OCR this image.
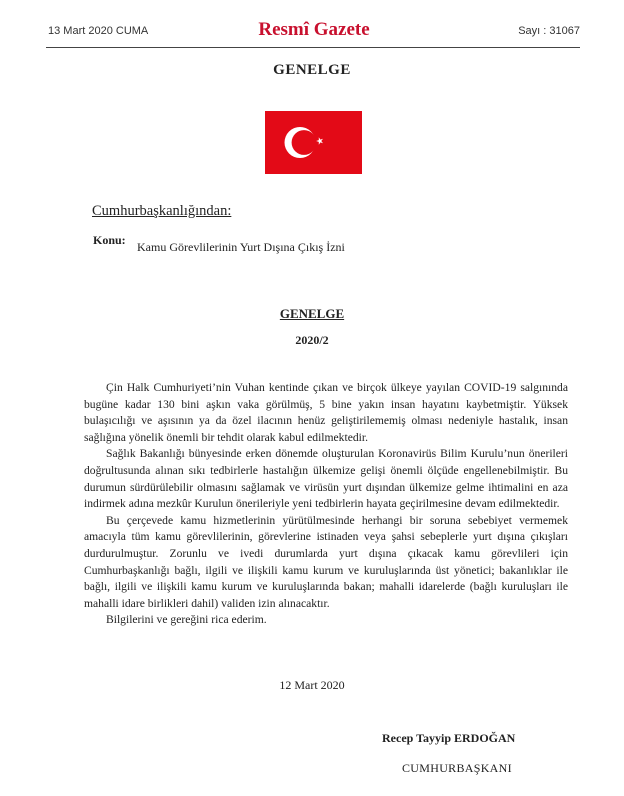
13 Mart 2020 CUMA	Resmî Gazete	Sayı : 31067
GENELGE
Cumhurbaşkanlığından:
Konu: Kamu Görevlilerinin Yurt Dışına Çıkış İzni
GENELGE
2020/2

Çin Halk Cumhuriyeti’nin Vuhan kentinde çıkan ve birçok ülkeye yayılan COVID-19 salgınında bugüne kadar 130 bini aşkın vaka görülmüş, 5 bine yakın insan hayatını kaybetmiştir. Yüksek bulaşıcılığı ve aşısının ya da özel ilacının henüz geliştirilememiş olması nedeniyle hastalık, insan sağlığına yönelik önemli bir tehdit olarak kabul edilmektedir.

Sağlık Bakanlığı bünyesinde erken dönemde oluşturulan Koronavirüs Bilim Kurulu’nun önerileri doğrultusunda alınan sıkı tedbirlerle hastalığın ülkemize gelişi önemli ölçüde engellenebilmiştir. Bu durumun sürdürülebilir olmasını sağlamak ve virüsün yurt dışından ülkemize gelme ihtimalini en aza indirmek adına mezkûr Kurulun önerileriyle yeni tedbirlerin hayata geçirilmesine devam edilmektedir.

Bu çerçevede kamu hizmetlerinin yürütülmesinde herhangi bir soruna sebebiyet vermemek amacıyla tüm kamu görevlilerinin, görevlerine istinaden veya şahsi sebeplerle yurt dışına çıkışları durdurulmuştur. Zorunlu ve ivedi durumlarda yurt dışına çıkacak kamu görevlileri için Cumhurbaşkanlığı bağlı, ilgili ve ilişkili kamu kurum ve kuruluşlarında üst yönetici; bakanlıklar ile bağlı, ilgili ve ilişkili kamu kurum ve kuruluşlarında bakan; mahalli idarelerde (bağlı kuruluşları ile mahalli idare birlikleri dahil) validen izin alınacaktır.

Bilgilerini ve gereğini rica ederim.

12 Mart 2020
Recep Tayyip ERDOĞAN
CUMHURBAŞKANI
